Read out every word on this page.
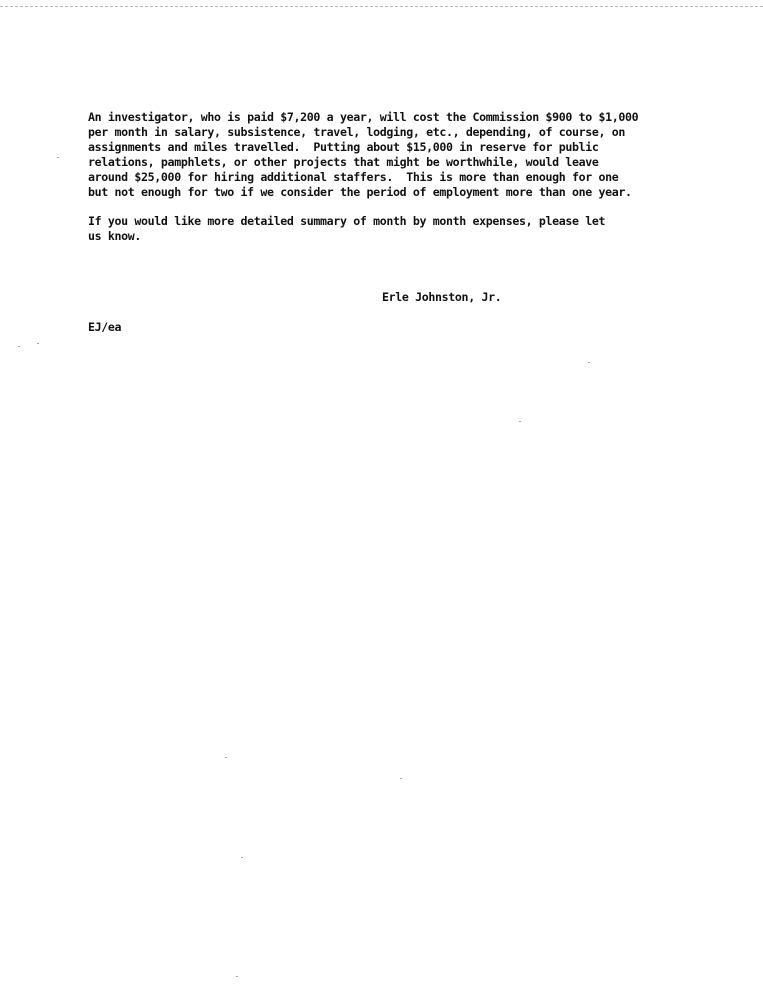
An investigator, who is paid $7,200 a year, will cost the Commission $900 to $1,000
per month in salary, subsistence, travel, lodging, etc., depending, of course, on
assignments and miles travelled.  Putting about $15,000 in reserve for public
relations, pamphlets, or other projects that might be worthwhile, would leave
around $25,000 for hiring additional staffers.  This is more than enough for one
but not enough for two if we consider the period of employment more than one year.
If you would like more detailed summary of month by month expenses, please let
us know.
Erle Johnston, Jr.
EJ/ea
